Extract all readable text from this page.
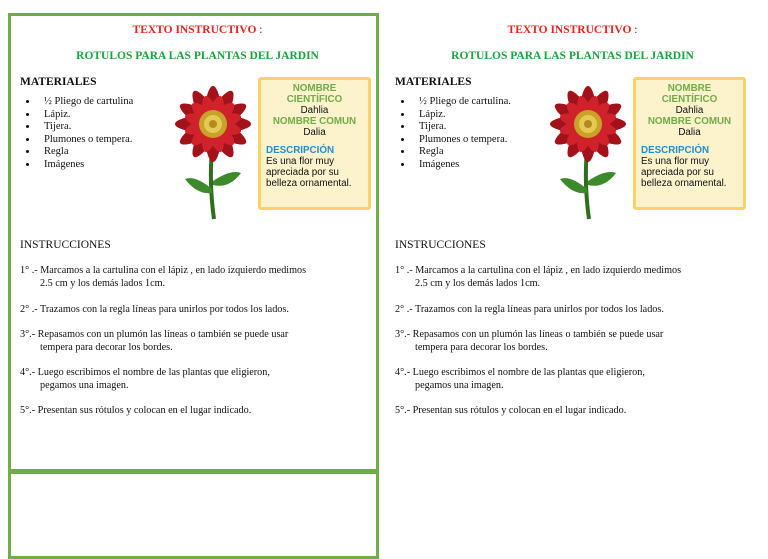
TEXTO INSTRUCTIVO :
ROTULOS PARA LAS PLANTAS DEL JARDIN
MATERIALES
• ½ Pliego de cartulina
• Lápiz.
• Tijera.
• Plumones o tempera.
• Regla
• Imágenes
NOMBRE
CIENTÍFICO
Dahlia
NOMBRE COMUN
Dalia
DESCRIPCIÓN
Es una flor muy apreciada por su belleza ornamental.
INSTRUCCIONES
1° .- Marcamos a la cartulina con el lápiz , en lado izquierdo medimos
2.5 cm y los demás lados 1cm.
2° .- Trazamos con la regla líneas para unirlos por todos los lados.
3°.- Repasamos con un plumón las líneas o también se puede usar
tempera para decorar los bordes.
4°.- Luego escribimos el nombre de las plantas que eligieron,
pegamos una imagen.
5°.- Presentan sus rótulos y colocan en el lugar indicado.
TEXTO INSTRUCTIVO :
ROTULOS PARA LAS PLANTAS DEL JARDIN
MATERIALES
• ½ Pliego de cartulina.
• Lápiz.
• Tijera.
• Plumones o tempera.
• Regla
• Imágenes
NOMBRE
CIENTÍFICO
Dahlia
NOMBRE COMUN
Dalia
DESCRIPCIÓN
Es una flor muy apreciada por su belleza ornamental.
INSTRUCCIONES
1° .- Marcamos a la cartulina con el lápiz , en lado izquierdo medimos
2.5 cm y los demás lados 1cm.
2° .- Trazamos con la regla líneas para unirlos por todos los lados.
3°.- Repasamos con un plumón las líneas o también se puede usar
tempera para decorar los bordes.
4°.- Luego escribimos el nombre de las plantas que eligieron,
pegamos una imagen.
5°.- Presentan sus rótulos y colocan en el lugar indicado.
